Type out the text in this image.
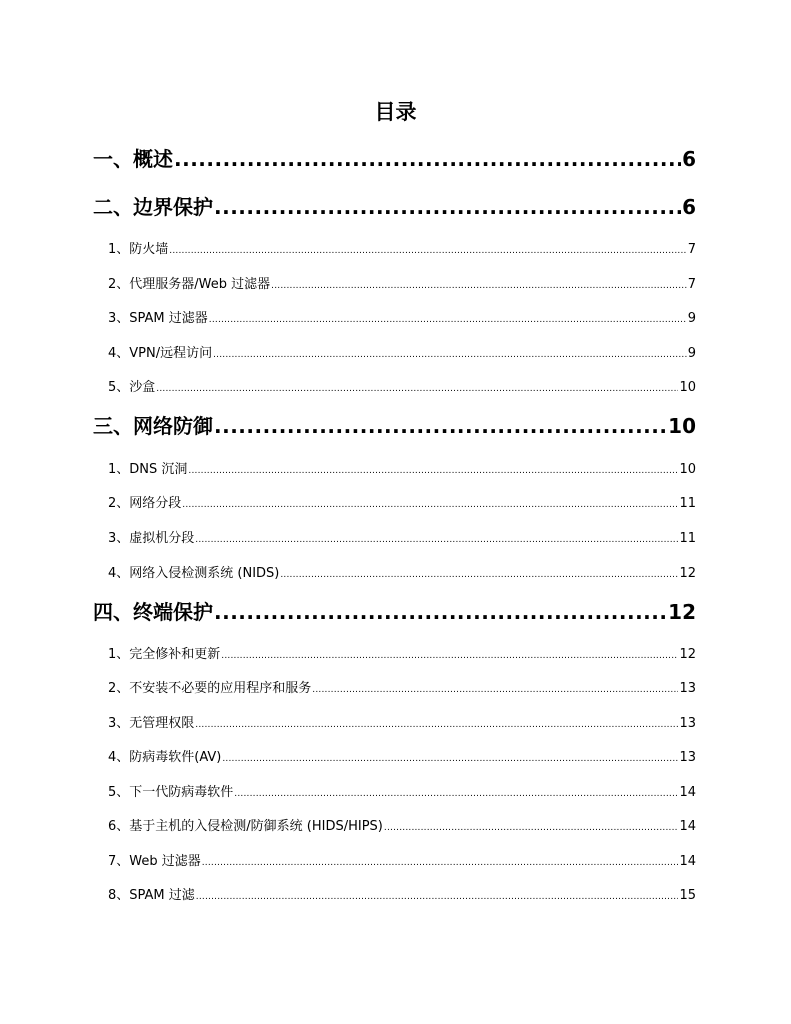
目录
一、概述 .....	6
二、边界保护 .....	6
1、防火墙 .....	7
2、代理服务器/Web 过滤器 .....	7
3、SPAM 过滤器 .....	9
4、VPN/远程访问 .....	9
5、沙盒 .....	10
三、网络防御 .....	10
1、DNS 沉洞 .....	10
2、网络分段 .....	11
3、虚拟机分段 .....	11
4、网络入侵检测系统 (NIDS) .....	12
四、终端保护 .....	12
1、完全修补和更新 .....	12
2、不安装不必要的应用程序和服务 .....	13
3、无管理权限 .....	13
4、防病毒软件(AV) .....	13
5、下一代防病毒软件 .....	14
6、基于主机的入侵检测/防御系统 (HIDS/HIPS) .....	14
7、Web 过滤器 .....	14
8、SPAM 过滤 .....	15
